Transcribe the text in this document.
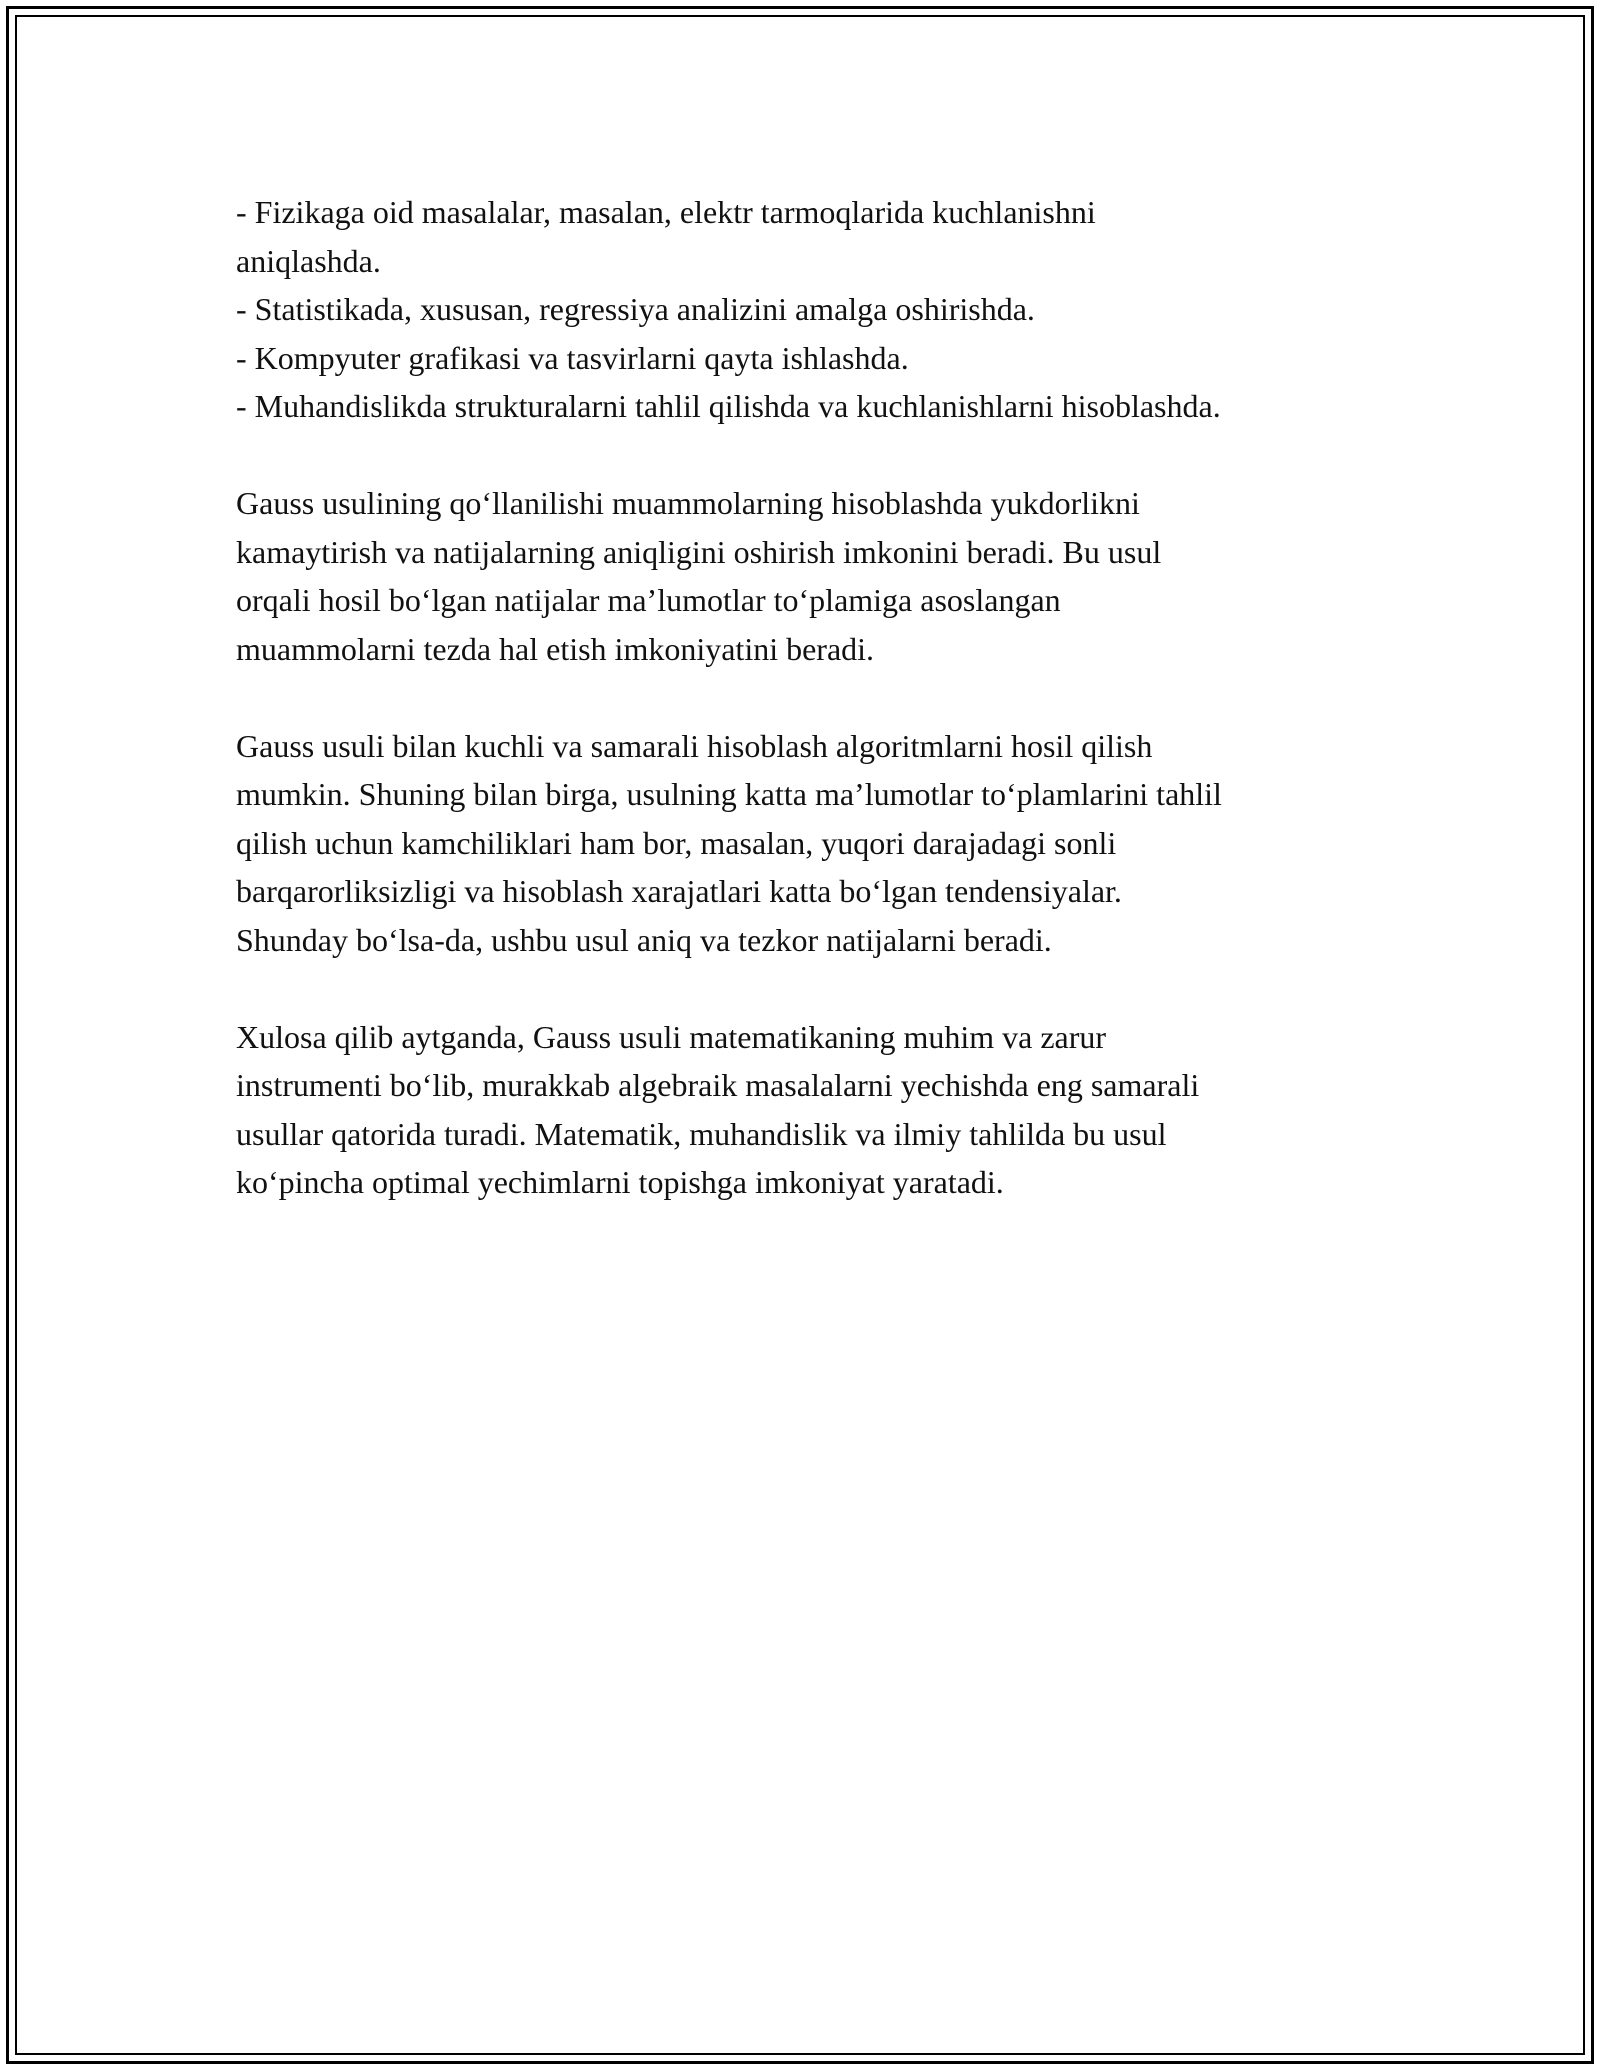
- Fizikaga oid masalalar, masalan, elektr tarmoqlarida kuchlanishni
aniqlashda.
- Statistikada, xususan, regressiya analizini amalga oshirishda.
- Kompyuter grafikasi va tasvirlarni qayta ishlashda.
- Muhandislikda strukturalarni tahlil qilishda va kuchlanishlarni hisoblashda.
Gauss usulining qo‘llanilishi muammolarning hisoblashda yukdorlikni
kamaytirish va natijalarning aniqligini oshirish imkonini beradi. Bu usul
orqali hosil bo‘lgan natijalar ma’lumotlar to‘plamiga asoslangan
muammolarni tezda hal etish imkoniyatini beradi.
Gauss usuli bilan kuchli va samarali hisoblash algoritmlarni hosil qilish
mumkin. Shuning bilan birga, usulning katta ma’lumotlar to‘plamlarini tahlil
qilish uchun kamchiliklari ham bor, masalan, yuqori darajadagi sonli
barqarorliksizligi va hisoblash xarajatlari katta bo‘lgan tendensiyalar.
Shunday bo‘lsa-da, ushbu usul aniq va tezkor natijalarni beradi.
Xulosa qilib aytganda, Gauss usuli matematikaning muhim va zarur
instrumenti bo‘lib, murakkab algebraik masalalarni yechishda eng samarali
usullar qatorida turadi. Matematik, muhandislik va ilmiy tahlilda bu usul
ko‘pincha optimal yechimlarni topishga imkoniyat yaratadi.
